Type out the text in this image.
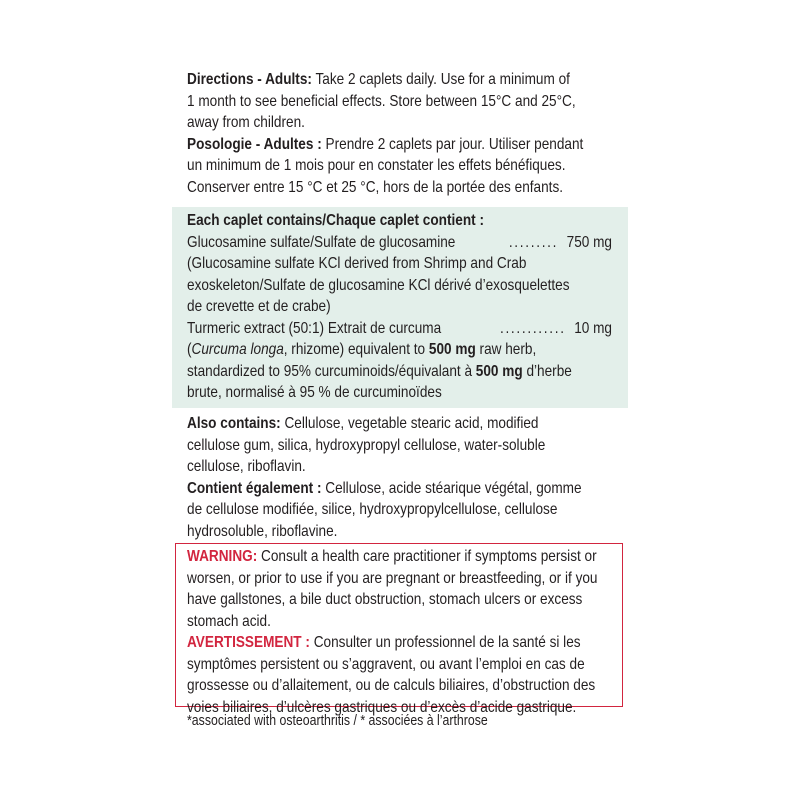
Directions - Adults: Take 2 caplets daily. Use for a minimum of
1 month to see beneficial effects. Store between 15°C and 25°C,
away from children.
Posologie - Adultes : Prendre 2 caplets par jour. Utiliser pendant
un minimum de 1 mois pour en constater les effets bénéfiques.
Conserver entre 15 °C et 25 °C, hors de la portée des enfants.
Each caplet contains/Chaque caplet contient :
Glucosamine sulfate/Sulfate de glucosamine	......... 750 mg
(Glucosamine sulfate KCl derived from Shrimp and Crab
exoskeleton/Sulfate de glucosamine KCl dérivé d’exosquelettes
de crevette et de crabe)
Turmeric extract (50:1) Extrait de curcuma	............ 10 mg
(Curcuma longa, rhizome) equivalent to 500 mg raw herb,
standardized to 95% curcuminoids/équivalant à 500 mg d’herbe
brute, normalisé à 95 % de curcuminoïdes
Also contains: Cellulose, vegetable stearic acid, modified
cellulose gum, silica, hydroxypropyl cellulose, water-soluble
cellulose, riboflavin.
Contient également : Cellulose, acide stéarique végétal, gomme
de cellulose modifiée, silice, hydroxypropylcellulose, cellulose
hydrosoluble, riboflavine.
WARNING: Consult a health care practitioner if symptoms persist or
worsen, or prior to use if you are pregnant or breastfeeding, or if you
have gallstones, a bile duct obstruction, stomach ulcers or excess
stomach acid.
AVERTISSEMENT : Consulter un professionnel de la santé si les
symptômes persistent ou s’aggravent, ou avant l’emploi en cas de
grossesse ou d’allaitement, ou de calculs biliaires, d’obstruction des
voies biliaires, d’ulcères gastriques ou d’excès d’acide gastrique.
*associated with osteoarthritis / * associées à l’arthrose
